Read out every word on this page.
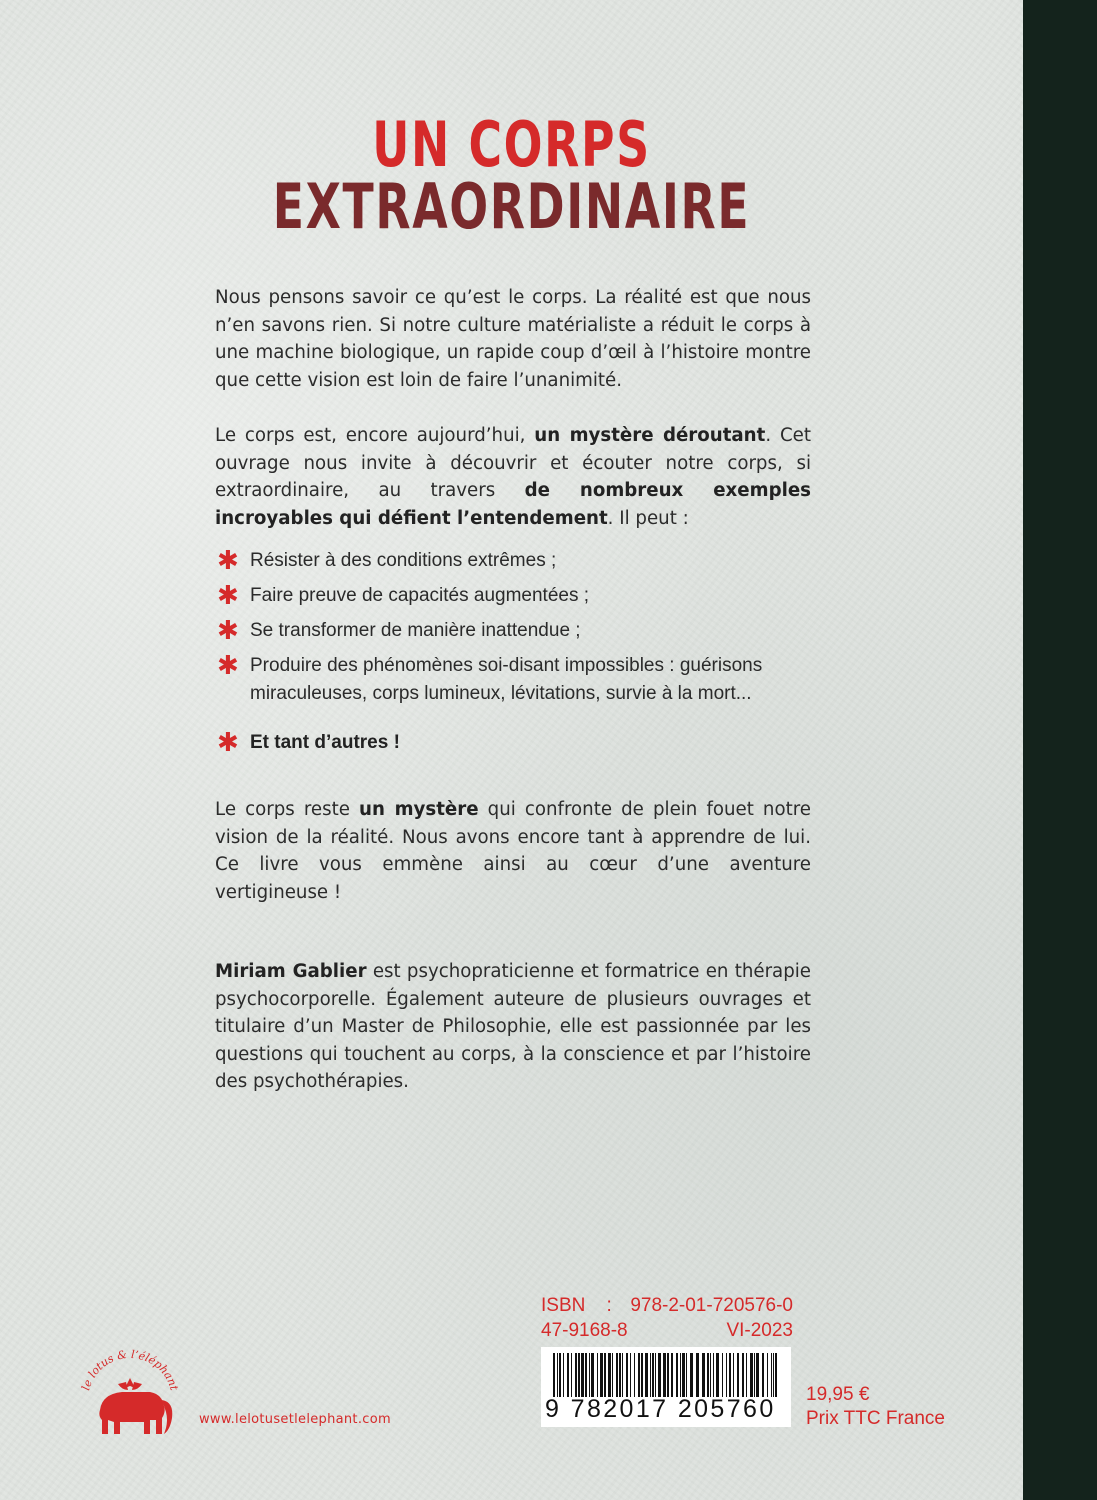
UN CORPS
EXTRAORDINAIRE
Nous pensons savoir ce qu’est le corps. La réalité est que nous n’en savons rien. Si notre culture matérialiste a réduit le corps à une machine biologique, un rapide coup d’œil à l’histoire montre que cette vision est loin de faire l’unanimité.
Le corps est, encore aujourd’hui, un mystère déroutant. Cet ouvrage nous invite à découvrir et écouter notre corps, si extraordinaire, au travers de nombreux exemples incroyables qui défient l’entendement. Il peut :
✱ Résister à des conditions extrêmes ;
✱ Faire preuve de capacités augmentées ;
✱ Se transformer de manière inattendue ;
✱ Produire des phénomènes soi-disant impossibles : guérisons miraculeuses, corps lumineux, lévitations, survie à la mort...
✱ Et tant d’autres !
Le corps reste un mystère qui confronte de plein fouet notre vision de la réalité. Nous avons encore tant à apprendre de lui. Ce livre vous emmène ainsi au cœur d’une aventure vertigineuse !
Miriam Gablier est psychopraticienne et formatrice en thérapie psychocorporelle. Également auteure de plusieurs ouvrages et titulaire d’un Master de Philosophie, elle est passionnée par les questions qui touchent au corps, à la conscience et par l’histoire des psychothérapies.
ISBN : 978-2-01-720576-0
47-9168-8	VI-2023
9 782017 205760
19,95 €
Prix TTC France
www.lelotusetlelephant.com
le lotus & l’éléphant
